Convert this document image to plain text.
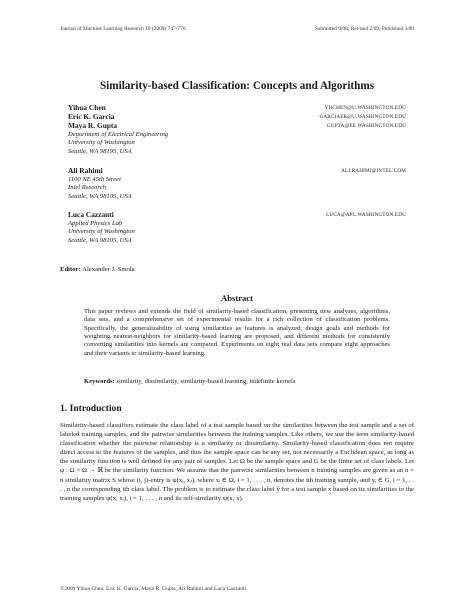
Journal of Machine Learning Research 10 (2009) 747-776	Submitted 9/08; Revised 2/09; Published 3/09
Similarity-based Classification: Concepts and Algorithms
Yihua Chen	YHCHEN@U.WASHINGTON.EDU
Eric K. Garcia	GARCIAER@U.WASHINGTON.EDU
Maya R. Gupta	GUPTA@EE.WASHINGTON.EDU
Department of Electrical Engineering
University of Washington
Seattle, WA 98195, USA
Ali Rahimi	ALI.RAHIMI@INTEL.COM
1100 NE 45th Street
Intel Research
Seattle, WA 98105, USA
Luca Cazzanti	LUCA@APL.WASHINGTON.EDU
Applied Physics Lab
University of Washington
Seattle, WA 98105, USA
Editor: Alexander J. Smola
Abstract
This paper reviews and extends the field of similarity-based classification, presenting new analyses, algorithms, data sets, and a comprehensive set of experimental results for a rich collection of classification problems. Specifically, the generalizability of using similarities as features is analyzed, design goals and methods for weighting nearest-neighbors for similarity-based learning are proposed, and different methods for consistently converting similarities into kernels are compared. Experiments on eight real data sets compare eight approaches and their variants to similarity-based learning.
Keywords: similarity, dissimilarity, similarity-based learning, indefinite kernels
1. Introduction
Similarity-based classifiers estimate the class label of a test sample based on the similarities between the test sample and a set of labeled training samples, and the pairwise similarities between the training samples. Like others, we use the term similarity-based classification whether the pairwise relationship is a similarity or dissimilarity. Similarity-based classification does not require direct access to the features of the samples, and thus the sample space can be any set, not necessarily a Euclidean space, as long as the similarity function is well defined for any pair of samples. Let Ω be the sample space and G be the finite set of class labels. Let ψ : Ω × Ω → ℝ be the similarity function. We assume that the pairwise similarities between n training samples are given as an n × n similarity matrix S whose (i, j)-entry is ψ(xᵢ, xⱼ), where xᵢ ∈ Ω, i = 1, . . . , n, denotes the ith training sample, and yᵢ ∈ G, i = 1, . . . , n the corresponding ith class label. The problem is to estimate the class label ŷ for a test sample x based on its similarities to the training samples ψ(x, xᵢ), i = 1, . . . , n and its self-similarity ψ(x, x).
©2009 Yihua Chen, Eric K. Garcia, Maya R. Gupta, Ali Rahimi and Luca Cazzanti.
